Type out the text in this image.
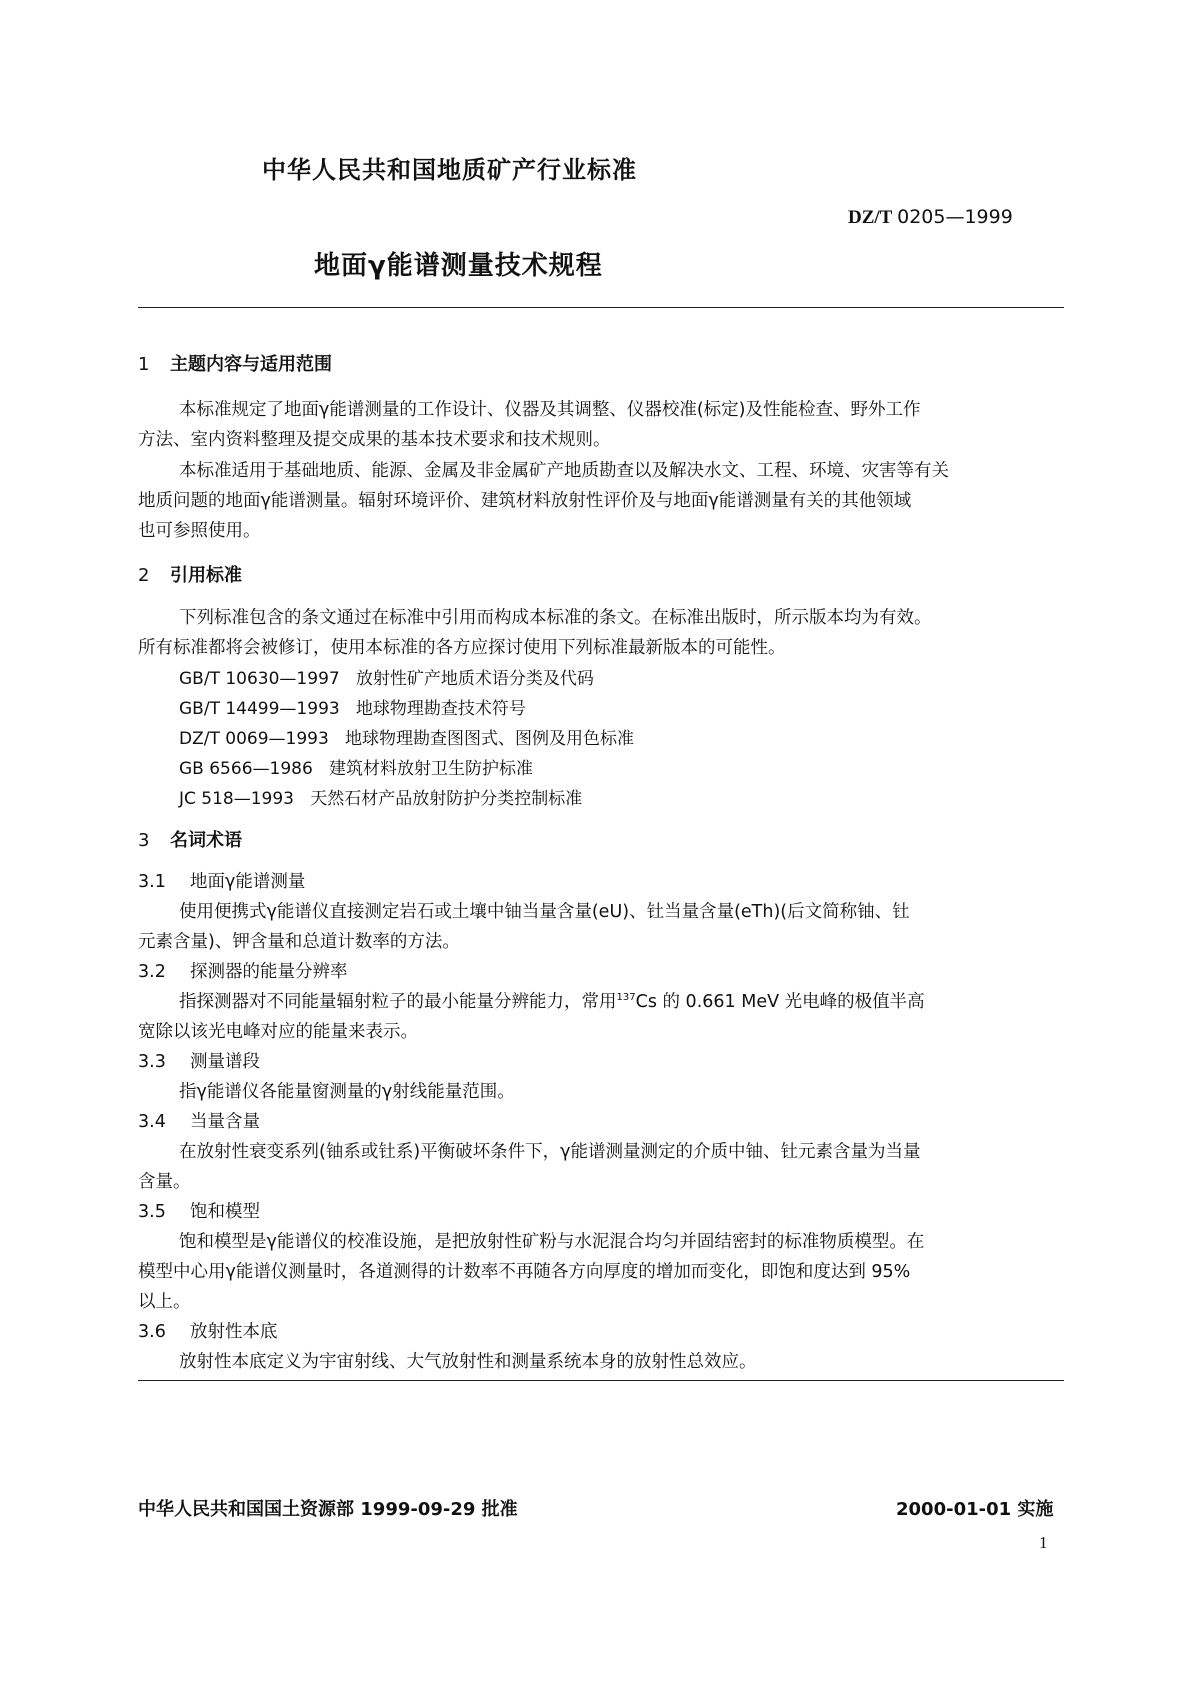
中华人民共和国地质矿产行业标准
DZ/T 0205—1999
地面γ能谱测量技术规程
1 主题内容与适用范围
本标准规定了地面γ能谱测量的工作设计、仪器及其调整、仪器校准(标定)及性能检查、野外工作
方法、室内资料整理及提交成果的基本技术要求和技术规则。
本标准适用于基础地质、能源、金属及非金属矿产地质勘查以及解决水文、工程、环境、灾害等有关
地质问题的地面γ能谱测量。辐射环境评价、建筑材料放射性评价及与地面γ能谱测量有关的其他领域
也可参照使用。
2 引用标准
下列标准包含的条文通过在标准中引用而构成本标准的条文。在标准出版时，所示版本均为有效。
所有标准都将会被修订，使用本标准的各方应探讨使用下列标准最新版本的可能性。
GB/T 10630—1997 放射性矿产地质术语分类及代码
GB/T 14499—1993 地球物理勘查技术符号
DZ/T 0069—1993 地球物理勘查图图式、图例及用色标准
GB 6566—1986 建筑材料放射卫生防护标准
JC 518—1993 天然石材产品放射防护分类控制标准
3 名词术语
3.1 地面γ能谱测量
使用便携式γ能谱仪直接测定岩石或土壤中铀当量含量(eU)、钍当量含量(eTh)(后文简称铀、钍
元素含量)、钾含量和总道计数率的方法。
3.2 探测器的能量分辨率
指探测器对不同能量辐射粒子的最小能量分辨能力，常用$^{137}$Cs 的 0.661 MeV 光电峰的极值半高
宽除以该光电峰对应的能量来表示。
3.3 测量谱段
指γ能谱仪各能量窗测量的γ射线能量范围。
3.4 当量含量
在放射性衰变系列(铀系或钍系)平衡破坏条件下，γ能谱测量测定的介质中铀、钍元素含量为当量
含量。
3.5 饱和模型
饱和模型是γ能谱仪的校准设施，是把放射性矿粉与水泥混合均匀并固结密封的标准物质模型。在
模型中心用γ能谱仪测量时，各道测得的计数率不再随各方向厚度的增加而变化，即饱和度达到 95%
以上。
3.6 放射性本底
放射性本底定义为宇宙射线、大气放射性和测量系统本身的放射性总效应。
中华人民共和国国土资源部 1999-09-29 批准	2000-01-01 实施
1
